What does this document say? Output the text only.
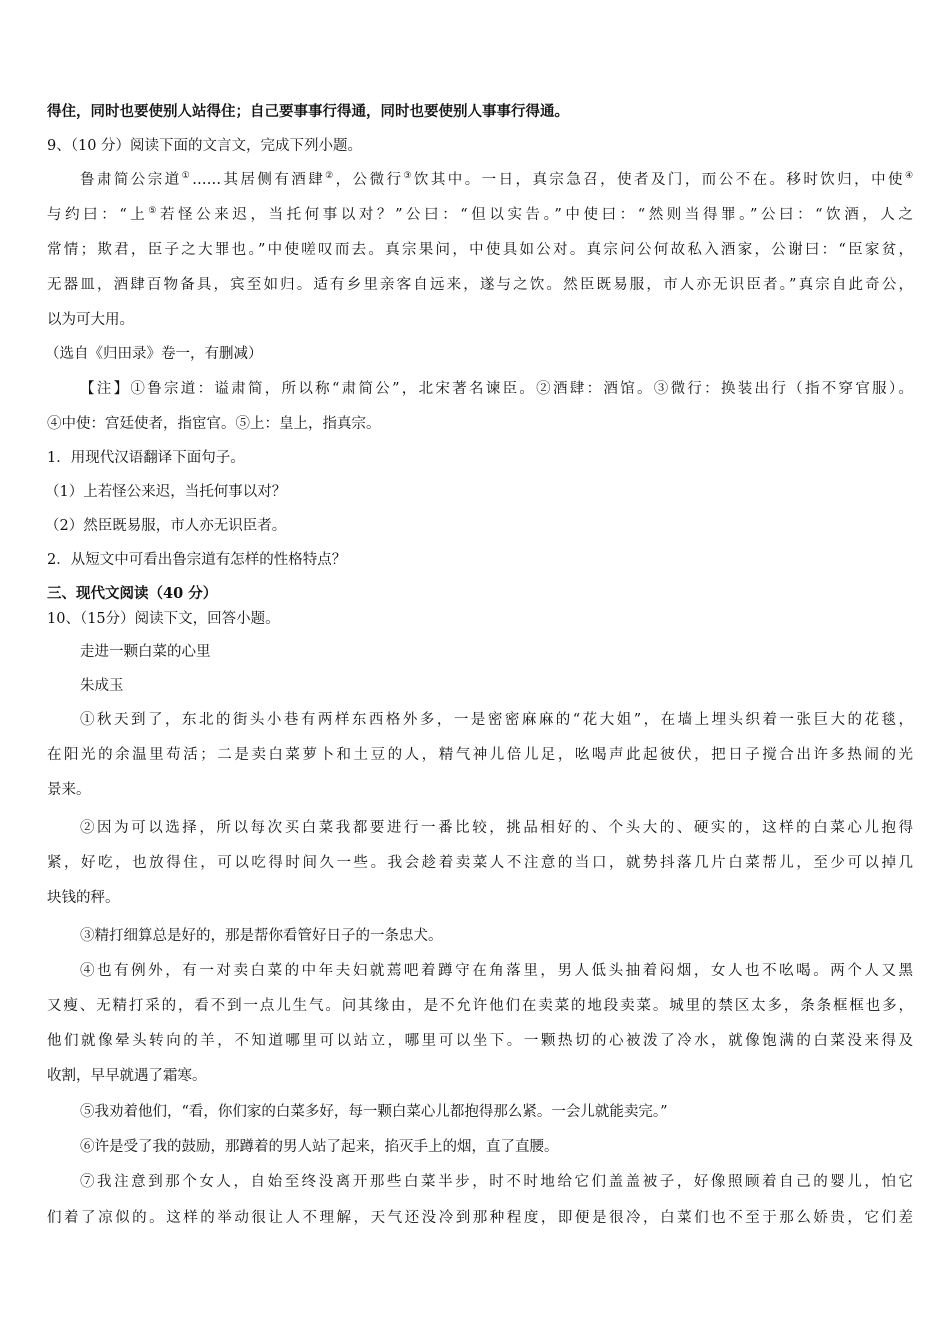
得住，同时也要使别人站得住；自己要事事行得通，同时也要使别人事事行得通。
9、（10 分）阅读下面的文言文，完成下列小题。
鲁肃简公宗道①……其居侧有酒肆②，公微行③饮其中。一日，真宗急召，使者及门，而公不在。移时饮归，中使④
与约曰：“上⑤若怪公来迟，当托何事以对？”公曰：“但以实告。”中使曰：“然则当得罪。”公曰：“饮酒，人之
常情；欺君，臣子之大罪也。”中使嗟叹而去。真宗果问，中使具如公对。真宗问公何故私入酒家，公谢曰：“臣家贫，
无器皿，酒肆百物备具，宾至如归。适有乡里亲客自远来，遂与之饮。然臣既易服，市人亦无识臣者。”真宗自此奇公，
以为可大用。
（选自《归田录》卷一，有删减）
【注】①鲁宗道：谥肃简，所以称“肃简公”，北宋著名谏臣。②酒肆：酒馆。③微行：换装出行（指不穿官服）。
④中使：宫廷使者，指宦官。⑤上：皇上，指真宗。
1．用现代汉语翻译下面句子。
（1）上若怪公来迟，当托何事以对？
（2）然臣既易服，市人亦无识臣者。
2．从短文中可看出鲁宗道有怎样的性格特点？
三、现代文阅读（40 分）
10、（15分）阅读下文，回答小题。
走进一颗白菜的心里
朱成玉
①秋天到了，东北的街头小巷有两样东西格外多，一是密密麻麻的“花大姐”，在墙上埋头织着一张巨大的花毯，
在阳光的余温里苟活；二是卖白菜萝卜和土豆的人，精气神儿倍儿足，吆喝声此起彼伏，把日子搅合出许多热闹的光
景来。
②因为可以选择，所以每次买白菜我都要进行一番比较，挑品相好的、个头大的、硬实的，这样的白菜心儿抱得
紧，好吃，也放得住，可以吃得时间久一些。我会趁着卖菜人不注意的当口，就势抖落几片白菜帮儿，至少可以掉几
块钱的秤。
③精打细算总是好的，那是帮你看管好日子的一条忠犬。
④也有例外，有一对卖白菜的中年夫妇就蔫吧着蹲守在角落里，男人低头抽着闷烟，女人也不吆喝。两个人又黑
又瘦、无精打采的，看不到一点儿生气。问其缘由，是不允许他们在卖菜的地段卖菜。城里的禁区太多，条条框框也多，
他们就像晕头转向的羊，不知道哪里可以站立，哪里可以坐下。一颗热切的心被泼了冷水，就像饱满的白菜没来得及
收割，早早就遇了霜寒。
⑤我劝着他们，“看，你们家的白菜多好，每一颗白菜心儿都抱得那么紧。一会儿就能卖完。”
⑥许是受了我的鼓励，那蹲着的男人站了起来，掐灭手上的烟，直了直腰。
⑦我注意到那个女人，自始至终没离开那些白菜半步，时不时地给它们盖盖被子，好像照顾着自己的婴儿，怕它
们着了凉似的。这样的举动很让人不理解，天气还没冷到那种程度，即便是很冷，白菜们也不至于那么娇贵，它们差
